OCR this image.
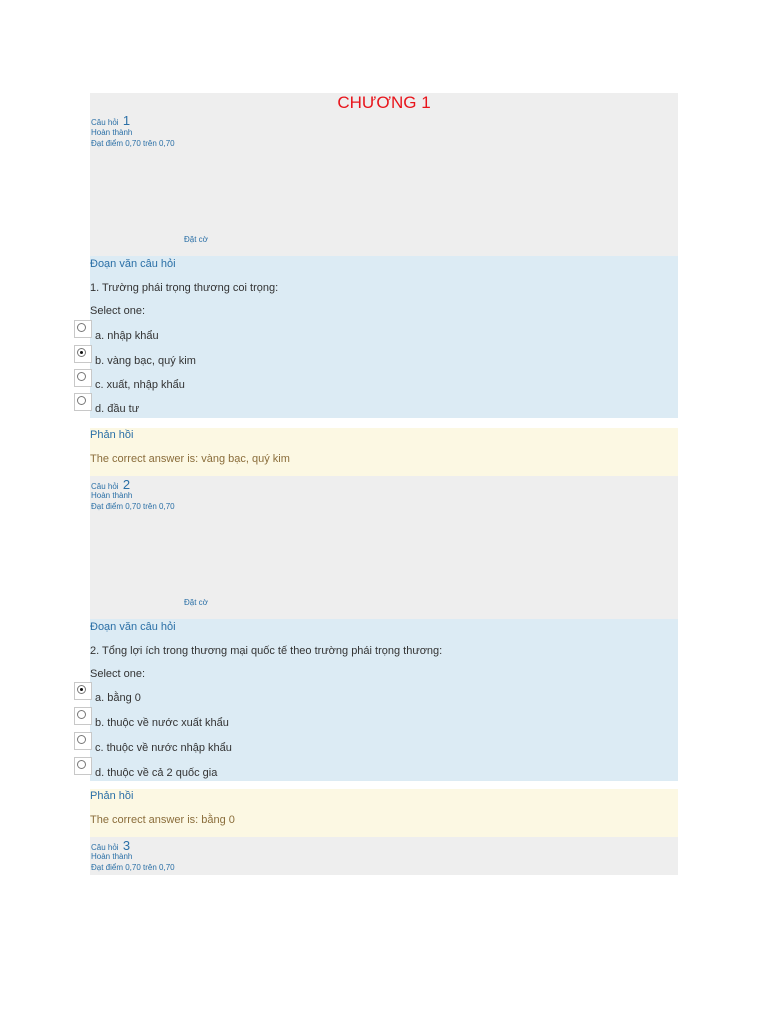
CHƯƠNG 1
Câu hỏi 1
Hoàn thành
Đạt điểm 0,70 trên 0,70
Đặt cờ
Đoạn văn câu hỏi
1. Trường phái trọng thương coi trọng:
Select one:
a. nhập khẩu
b. vàng bạc, quý kim
c. xuất, nhập khẩu
d. đầu tư
Phản hồi
The correct answer is: vàng bạc, quý kim
Câu hỏi 2
Hoàn thành
Đạt điểm 0,70 trên 0,70
Đặt cờ
Đoạn văn câu hỏi
2. Tổng lợi ích trong thương mại quốc tế theo trường phái trọng thương:
Select one:
a. bằng 0
b. thuộc về nước xuất khẩu
c. thuộc về nước nhập khẩu
d. thuộc về cả 2 quốc gia
Phản hồi
The correct answer is: bằng 0
Câu hỏi 3
Hoàn thành
Đạt điểm 0,70 trên 0,70
